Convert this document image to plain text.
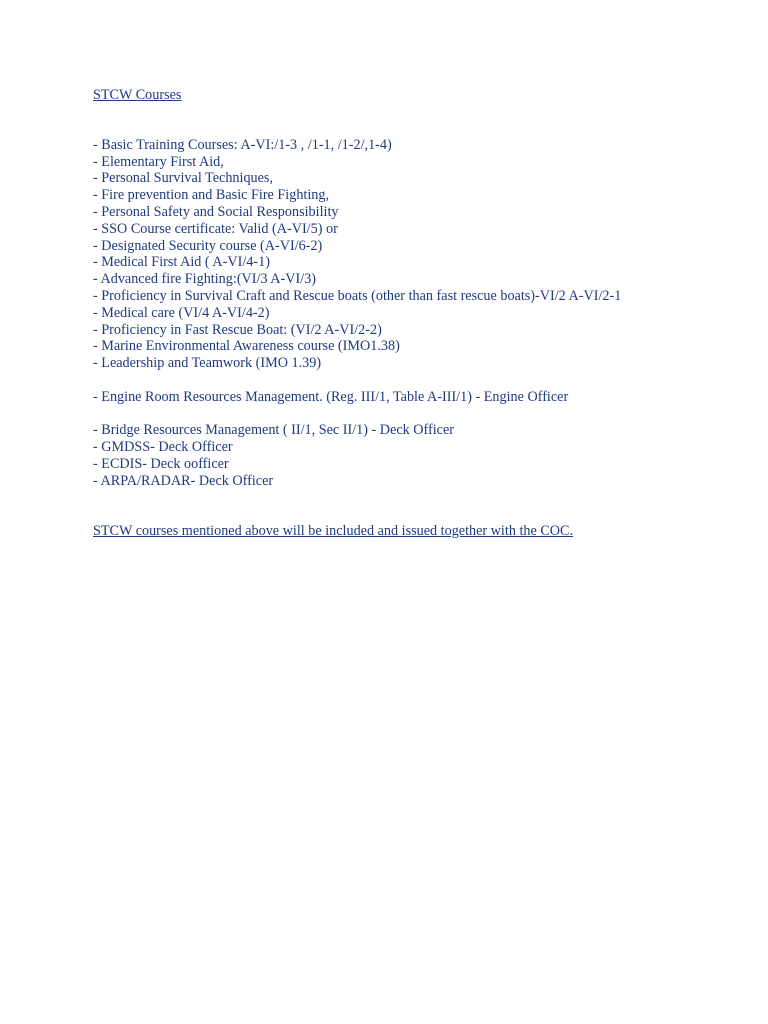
STCW Courses
- Basic Training Courses: A-VI:/1-3 , /1-1, /1-2/,1-4)
- Elementary First Aid,
- Personal Survival Techniques,
- Fire prevention and Basic Fire Fighting,
- Personal Safety and Social Responsibility
- SSO Course certificate: Valid (A-VI/5) or
- Designated Security course (A-VI/6-2)
- Medical First Aid ( A-VI/4-1)
- Advanced fire Fighting:(VI/3 A-VI/3)
- Proficiency in Survival Craft and Rescue boats (other than fast rescue boats)-VI/2 A-VI/2-1
- Medical care (VI/4 A-VI/4-2)
- Proficiency in Fast Rescue Boat: (VI/2 A-VI/2-2)
- Marine Environmental Awareness course (IMO1.38)
- Leadership and Teamwork (IMO 1.39)
- Engine Room Resources Management. (Reg. III/1, Table A-III/1) - Engine Officer
- Bridge Resources Management ( II/1, Sec II/1) - Deck Officer
- GMDSS- Deck Officer
- ECDIS- Deck oofficer
- ARPA/RADAR- Deck Officer
STCW courses mentioned above will be included and issued together with the COC.
